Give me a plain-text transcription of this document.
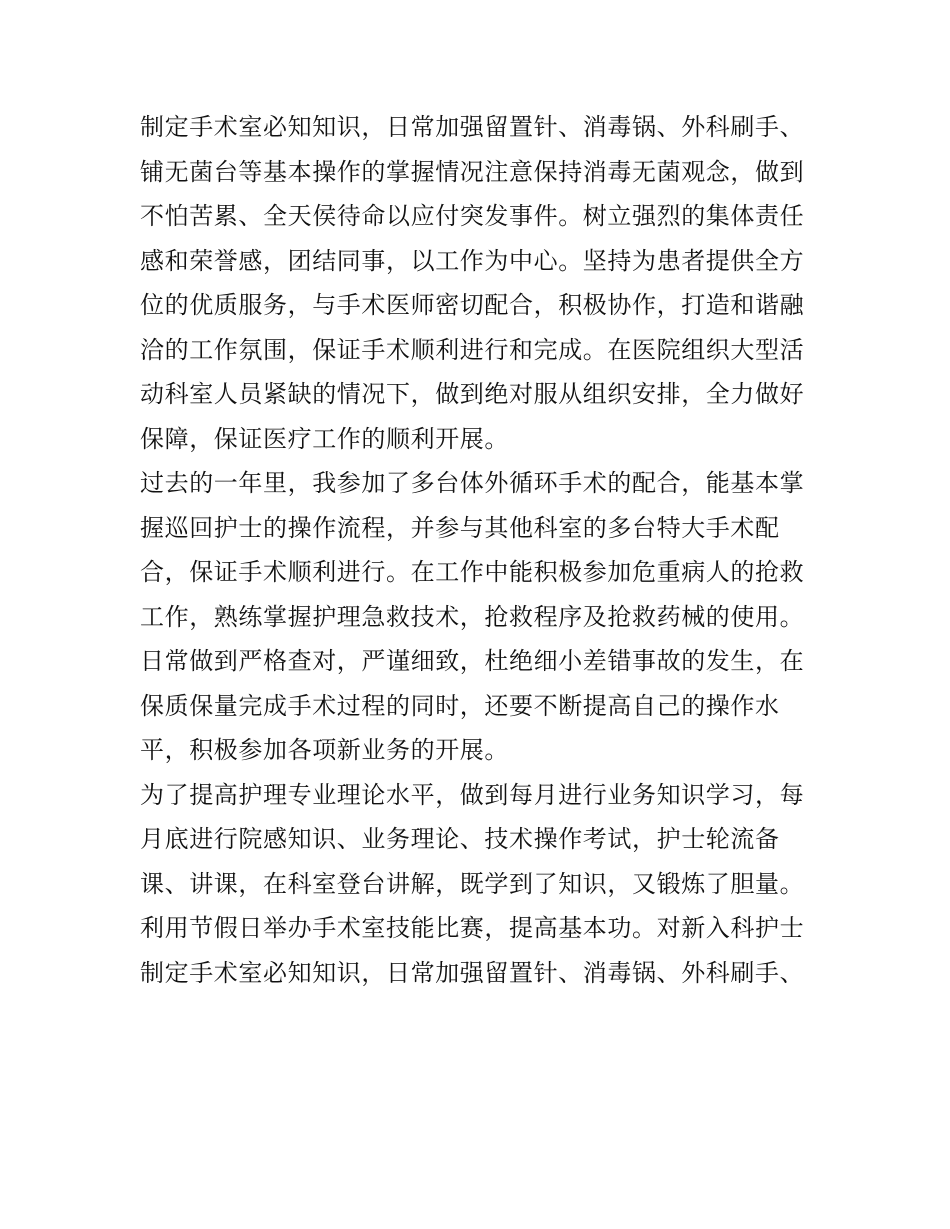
制定手术室必知知识，日常加强留置针、消毒锅、外科刷手、
铺无菌台等基本操作的掌握情况注意保持消毒无菌观念，做到
不怕苦累、全天侯待命以应付突发事件。树立强烈的集体责任
感和荣誉感，团结同事，以工作为中心。坚持为患者提供全方
位的优质服务，与手术医师密切配合，积极协作，打造和谐融
洽的工作氛围，保证手术顺利进行和完成。在医院组织大型活
动科室人员紧缺的情况下，做到绝对服从组织安排，全力做好
保障，保证医疗工作的顺利开展。
过去的一年里，我参加了多台体外循环手术的配合，能基本掌
握巡回护士的操作流程，并参与其他科室的多台特大手术配
合，保证手术顺利进行。在工作中能积极参加危重病人的抢救
工作，熟练掌握护理急救技术，抢救程序及抢救药械的使用。
日常做到严格查对，严谨细致，杜绝细小差错事故的发生，在
保质保量完成手术过程的同时，还要不断提高自己的操作水
平，积极参加各项新业务的开展。
为了提高护理专业理论水平，做到每月进行业务知识学习，每
月底进行院感知识、业务理论、技术操作考试，护士轮流备
课、讲课，在科室登台讲解，既学到了知识，又锻炼了胆量。
利用节假日举办手术室技能比赛，提高基本功。对新入科护士
制定手术室必知知识，日常加强留置针、消毒锅、外科刷手、
